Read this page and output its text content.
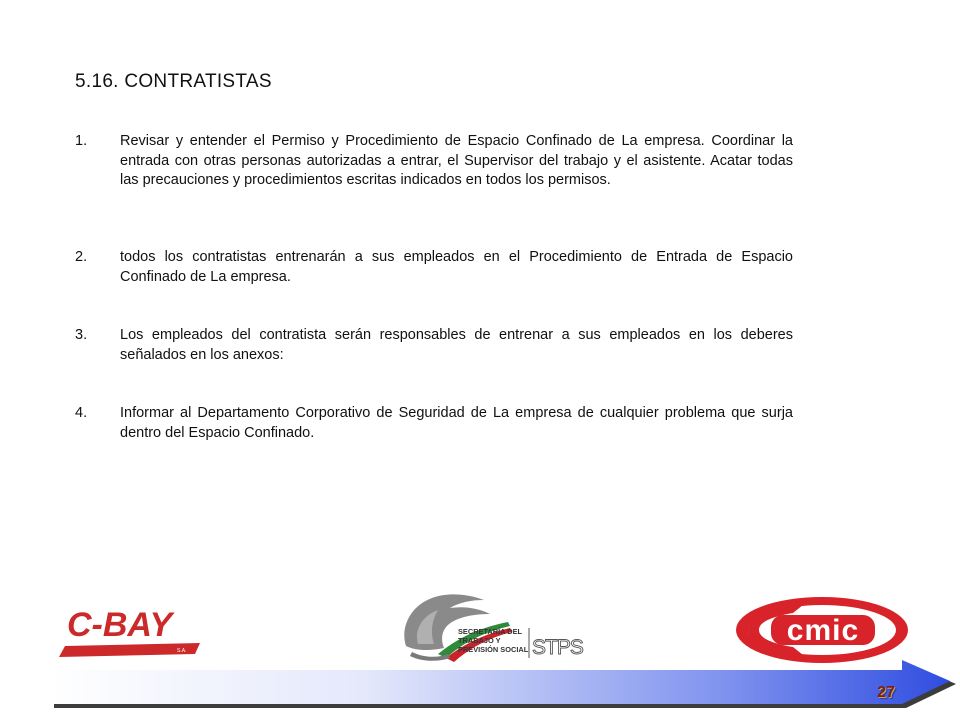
5.16. CONTRATISTAS
1.	Revisar y entender el Permiso y Procedimiento de Espacio Confinado de La empresa. Coordinar la entrada con otras personas autorizadas a entrar, el Supervisor del trabajo y el asistente. Acatar todas las precauciones y procedimientos escritas indicados en todos los permisos.
2.	todos los contratistas entrenarán a sus empleados en el Procedimiento de Entrada de Espacio Confinado de La empresa.
3.	Los empleados del contratista serán responsables de entrenar a sus empleados en los deberes señalados en los anexos:
4.	Informar al Departamento Corporativo de Seguridad de La empresa de cualquier problema que surja dentro del Espacio Confinado.
C-BAY
S.A.
SECRETARÍA DEL
TRABAJO Y
PREVISIÓN SOCIAL STPS
cmic
27
